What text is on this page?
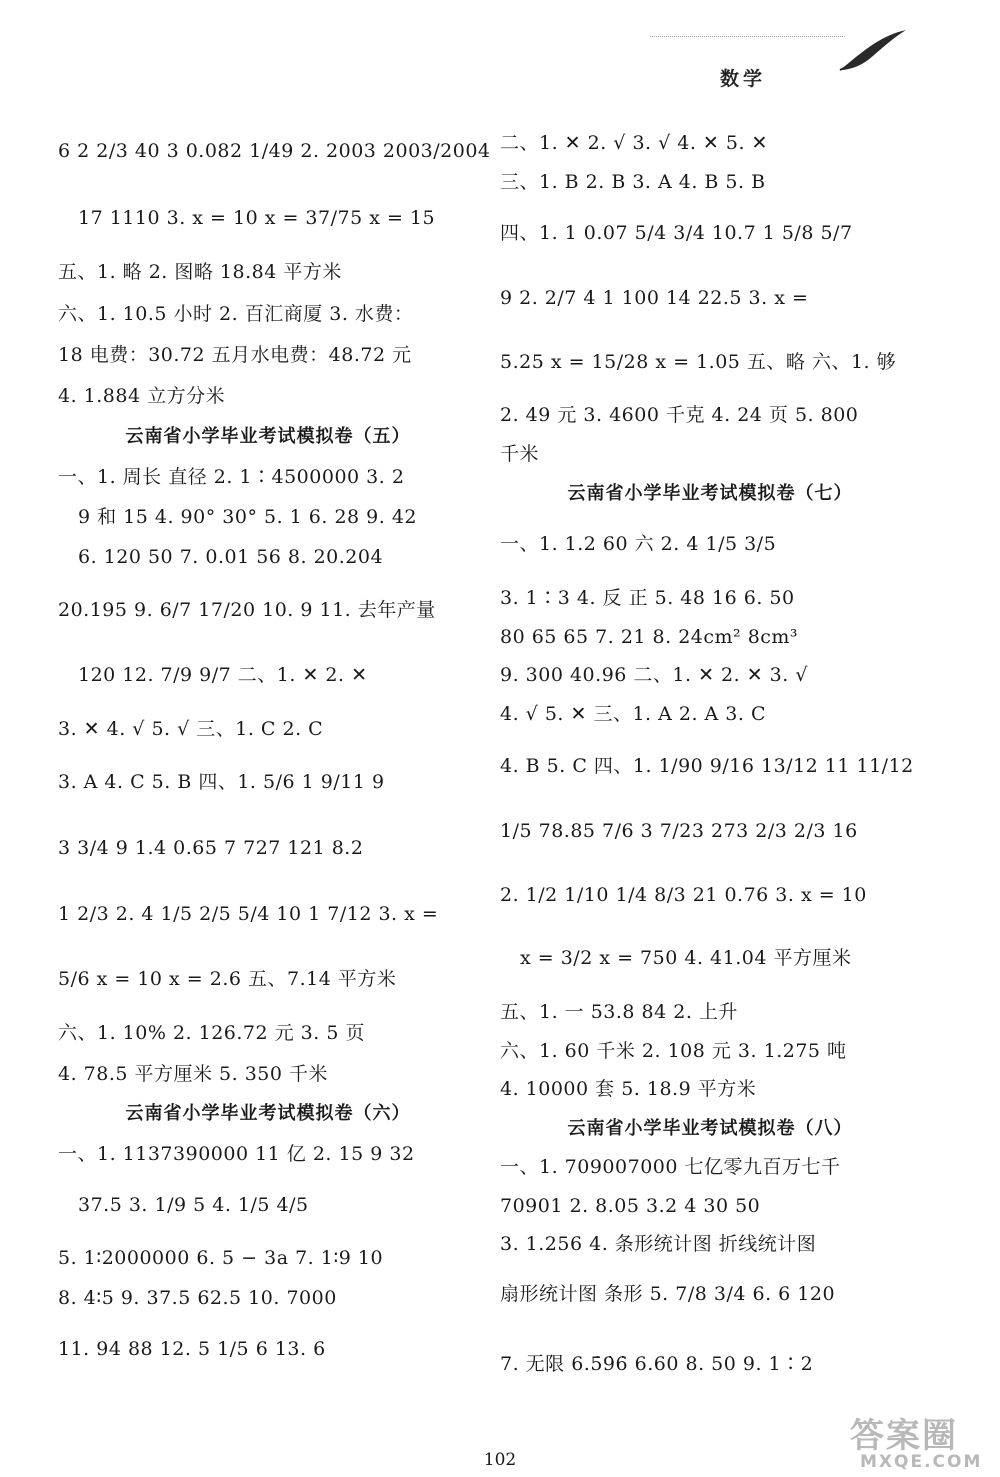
数学
6 2 2/3 40 3 0.082 1/49 2. 2003 2003/2004
17 1110 3. x = 10 x = 37/75 x = 15
五、1. 略 2. 图略 18.84 平方米
六、1. 10.5 小时 2. 百汇商厦 3. 水费：
18 电费：30.72 五月水电费：48.72 元
4. 1.884 立方分米
云南省小学毕业考试模拟卷（五）
一、1. 周长 直径 2. 1∶4500000 3. 2
9 和 15 4. 90° 30° 5. 1 6. 28 9. 42
6. 120 50 7. 0.01 56 8. 20.204
20.195 9. 6/7 17/20 10. 9 11. 去年产量
120 12. 7/9 9/7 二、1. ✕ 2. ✕
3. ✕ 4. √ 5. √ 三、1. C 2. C
3. A 4. C 5. B 四、1. 5/6 1 9/11 9
3 3/4 9 1.4 0.65 7 727 121 8.2
1 2/3 2. 4 1/5 2/5 5/4 10 1 7/12 3. x =
5/6 x = 10 x = 2.6 五、7.14 平方米
六、1. 10% 2. 126.72 元 3. 5 页
4. 78.5 平方厘米 5. 350 千米
云南省小学毕业考试模拟卷（六）
一、1. 1137390000 11 亿 2. 15 9 32
37.5 3. 1/9 5 4. 1/5 4/5
5. 1∶2000000 6. 5 − 3a 7. 1∶9 10
8. 4∶5 9. 37.5 62.5 10. 7000
11. 94 88 12. 5 1/5 6 13. 6
二、1. ✕ 2. √ 3. √ 4. ✕ 5. ✕
三、1. B 2. B 3. A 4. B 5. B
四、1. 1 0.07 5/4 3/4 10.7 1 5/8 5/7
9 2. 2/7 4 1 100 14 22.5 3. x =
5.25 x = 15/28 x = 1.05 五、略 六、1. 够
2. 49 元 3. 4600 千克 4. 24 页 5. 800
千米
云南省小学毕业考试模拟卷（七）
一、1. 1.2 60 六 2. 4 1/5 3/5
3. 1∶3 4. 反 正 5. 48 16 6. 50
80 65 65 7. 21 8. 24cm² 8cm³
9. 300 40.96 二、1. ✕ 2. ✕ 3. √
4. √ 5. ✕ 三、1. A 2. A 3. C
4. B 5. C 四、1. 1/90 9/16 13/12 11 11/12
1/5 78.85 7/6 3 7/23 273 2/3 2/3 16
2. 1/2 1/10 1/4 8/3 21 0.76 3. x = 10
x = 3/2 x = 750 4. 41.04 平方厘米
五、1. 一 53.8 84 2. 上升
六、1. 60 千米 2. 108 元 3. 1.275 吨
4. 10000 套 5. 18.9 平方米
云南省小学毕业考试模拟卷（八）
一、1. 709007000 七亿零九百万七千
70901 2. 8.05 3.2 4 30 50
3. 1.256 4. 条形统计图 折线统计图
扇形统计图 条形 5. 7/8 3/4 6. 6 120
7. 无限 6.5̇9̇6̇ 6.60 8. 50 9. 1∶2
102
答案圈
MXQE.COM
